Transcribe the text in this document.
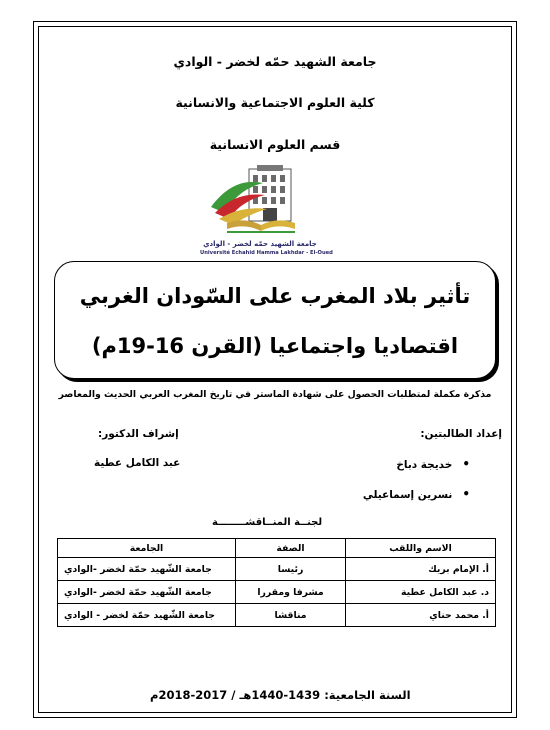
جامعة الشهيد حمّه لخضر - الوادي
كلية العلوم الاجتماعية والانسانية
قسم العلوم الانسانية
جامعة الشهيد حمّه لخضر - الوادي
Université Echahid Hamma Lakhdar - El-Oued
تأثير بلاد المغرب على السّودان الغربي
اقتصاديا واجتماعيا (القرن 16-19م)
مذكرة مكملة لمتطلبات الحصول على شهادة الماستر في تاريخ المغرب العربي الحديث والمعاصر
إعداد الطالبتين:
إشراف الدكتور:
• خديجة دباخ
• نسرين إسماعيلي
عبد الكامل عطية
لجنــة المنــاقشــــــــة
الاسم واللقب	الصفة	الجامعة
أ. الإمام بريك	رئيسا	جامعة الشّهيد حمّة لخضر -الوادي
د. عبد الكامل عطية	مشرفا ومقررا	جامعة الشّهيد حمّة لخضر -الوادي
أ. محمد حناي	مناقشا	جامعة الشّهيد حمّة لخضر - الوادي
السنة الجامعية: 1439-1440هـ / 2017-2018م
